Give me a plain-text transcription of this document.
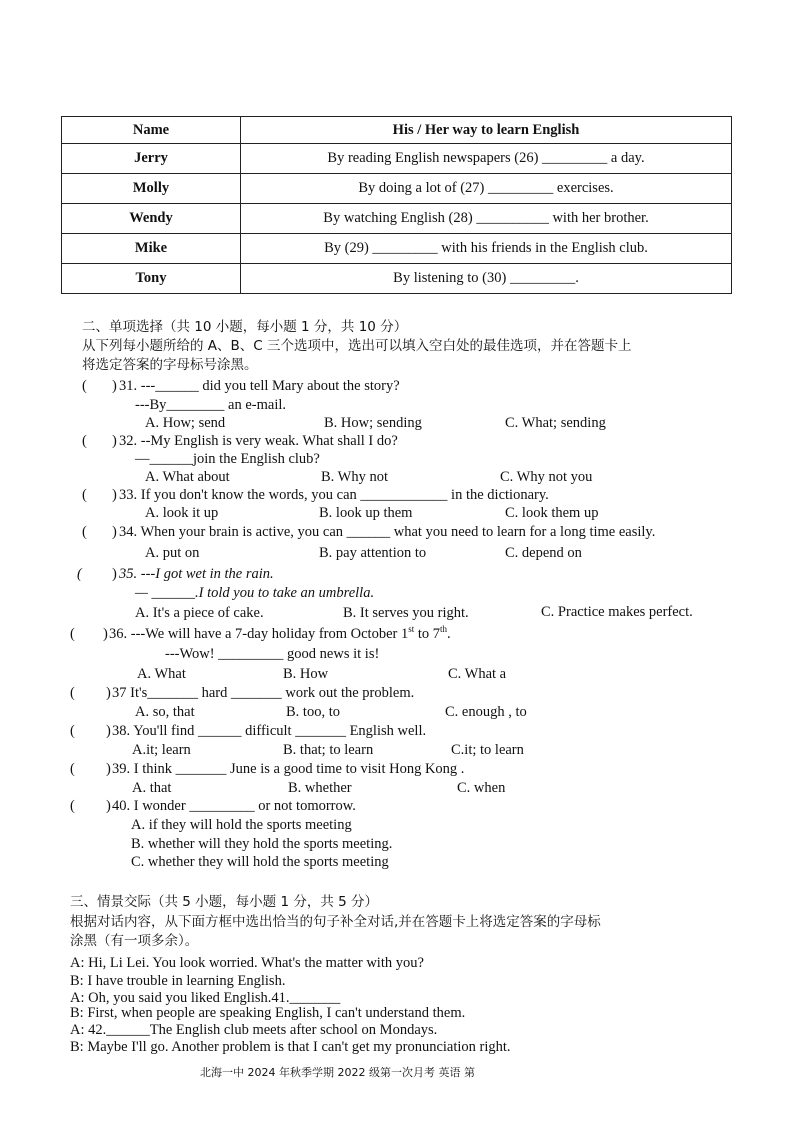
Name	His / Her way to learn English
Jerry	By reading English newspapers (26) _________ a day.
Molly	By doing a lot of (27) _________ exercises.
Wendy	By watching English (28) __________ with her brother.
Mike	By (29) _________ with his friends in the English club.
Tony	By listening to (30) _________.
二、单项选择（共 10 小题，每小题 1 分，共 10 分）
从下列每小题所给的 A、B、C 三个选项中，选出可以填入空白处的最佳选项，并在答题卡上
将选定答案的字母标号涂黑。
( ) 31. ---______ did you tell Mary about the story?
---By________ an e-mail.
A. How; send	B. How; sending	C. What; sending
( ) 32. --My English is very weak. What shall I do?
—______join the English club?
A. What about	B. Why not	C. Why not you
( ) 33. If you don't know the words, you can ____________ in the dictionary.
A. look it up	B. look up them	C. look them up
( ) 34. When your brain is active, you can ______ what you need to learn for a long time easily.
A. put on	B. pay attention to	C. depend on
( ) 35. ---I got wet in the rain.
— ______.I told you to take an umbrella.
A. It's a piece of cake.	B. It serves you right.	C. Practice makes perfect.
( ) 36. ---We will have a 7-day holiday from October 1st to 7th.
---Wow! _________ good news it is!
A. What	B. How	C. What a
( ) 37 It's_______ hard _______ work out the problem.
A. so, that	B. too, to	C. enough , to
( ) 38. You'll find ______ difficult _______ English well.
A.it; learn	B. that; to learn	C.it; to learn
( ) 39. I think _______ June is a good time to visit Hong Kong .
A. that	B. whether	C. when
( ) 40. I wonder _________ or not tomorrow.
A. if they will hold the sports meeting
B. whether will they hold the sports meeting.
C. whether they will hold the sports meeting
三、情景交际（共 5 小题，每小题 1 分，共 5 分）
根据对话内容，从下面方框中选出恰当的句子补全对话,并在答题卡上将选定答案的字母标
涂黑（有一项多余）。
A: Hi, Li Lei. You look worried. What's the matter with you?
B: I have trouble in learning English.
A: Oh, you said you liked English.41._______
B: First, when people are speaking English, I can't understand them.
A: 42.______The English club meets after school on Mondays.
B: Maybe I'll go. Another problem is that I can't get my pronunciation right.
北海一中 2024 年秋季学期 2022 级第一次月考 英语 第
